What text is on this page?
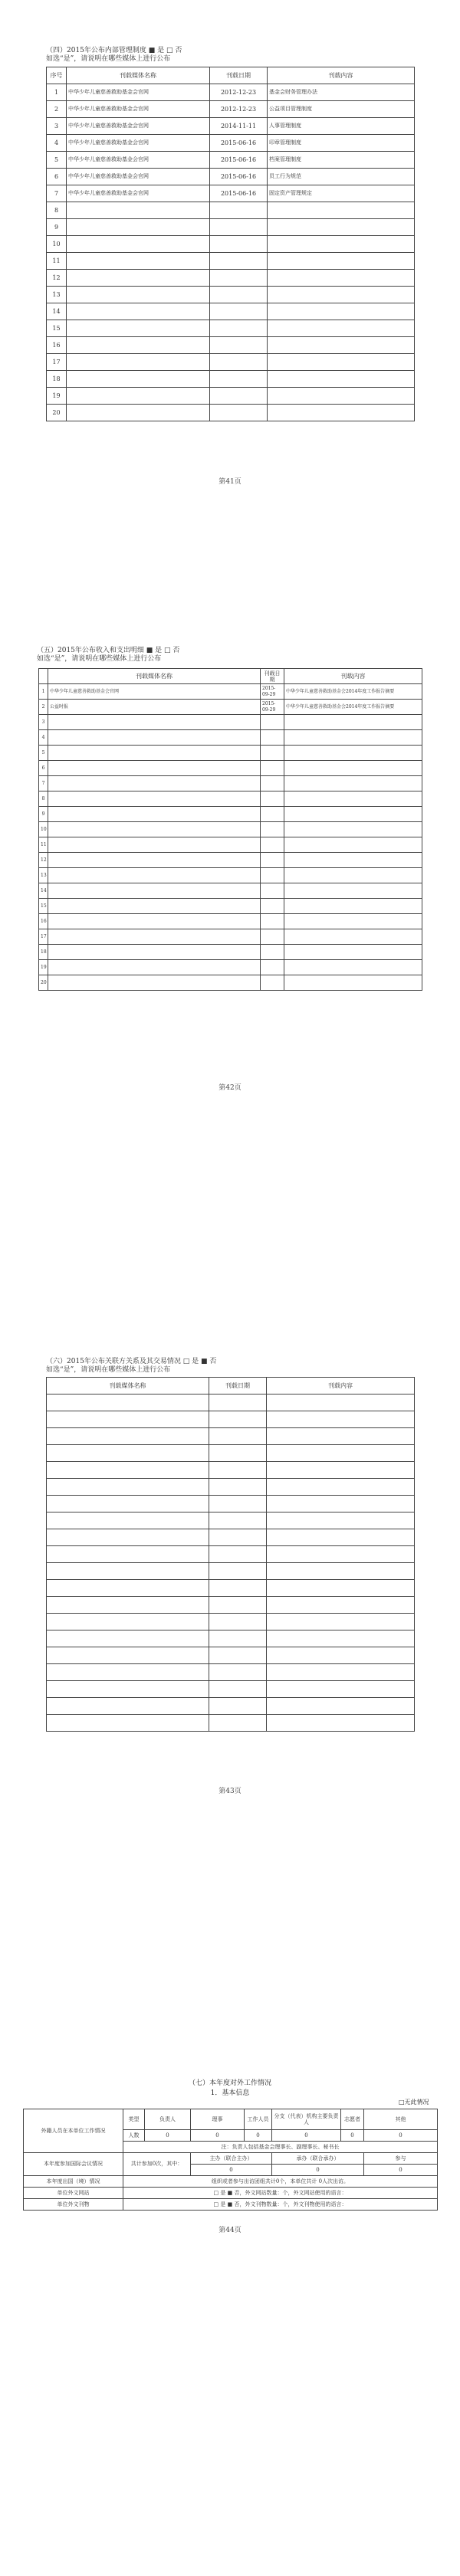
（四）2015年公布内部管理制度 ■ 是 □ 否
如选“是”，请说明在哪些媒体上进行公布
序号	刊载媒体名称	刊载日期	刊载内容
1	中华少年儿童慈善救助基金会官网	2012-12-23	基金会财务管理办法
2	中华少年儿童慈善救助基金会官网	2012-12-23	公益项目管理制度
3	中华少年儿童慈善救助基金会官网	2014-11-11	人事管理制度
4	中华少年儿童慈善救助基金会官网	2015-06-16	印章管理制度
5	中华少年儿童慈善救助基金会官网	2015-06-16	档案管理制度
6	中华少年儿童慈善救助基金会官网	2015-06-16	员工行为规范
7	中华少年儿童慈善救助基金会官网	2015-06-16	固定资产管理规定
8			
9			
10			
11			
12			
13			
14			
15			
16			
17			
18			
19			
20			
第41页
（五）2015年公布收入和支出明细 ■ 是 □ 否
如选“是”，请说明在哪些媒体上进行公布
	刊载媒体名称	刊载日期	刊载内容
1	中华少年儿童慈善救助基金会官网	2015-09-29	中华少年儿童慈善救助基金会2014年度工作报告摘要
2	公益时报	2015-09-29	中华少年儿童慈善救助基金会2014年度工作报告摘要
3			
4			
5			
6			
7			
8			
9			
10			
11			
12			
13			
14			
15			
16			
17			
18			
19			
20			
第42页
（六）2015年公布关联方关系及其交易情况 □ 是 ■ 否
如选“是”，请说明在哪些媒体上进行公布
刊载媒体名称	刊载日期	刊载内容

第43页
（七）本年度对外工作情况
1．基本信息
□无此情况
外籍人员在本单位工作情况	类型	负责人	理事	工作人员	分支（代表）机构主要负责人	志愿者	其他
	人数	0	0	0	0	0	0
	注：负责人包括基金会理事长、副理事长、秘书长						
本年度参加国际会议情况	共计参加0次，其中：		主办（联合主办）		承办（联合承办）		参与
			0		0		0
本年度出国（境）情况	组织或者参与出访团组共计0个，本单位共计 0人次出访。						
单位外文网站	□ 是 ■ 否，外文网站数量：个，外文网站使用的语言：						
单位外文刊物	□ 是 ■ 否，外文刊物数量：个，外文刊物使用的语言：						
第44页
